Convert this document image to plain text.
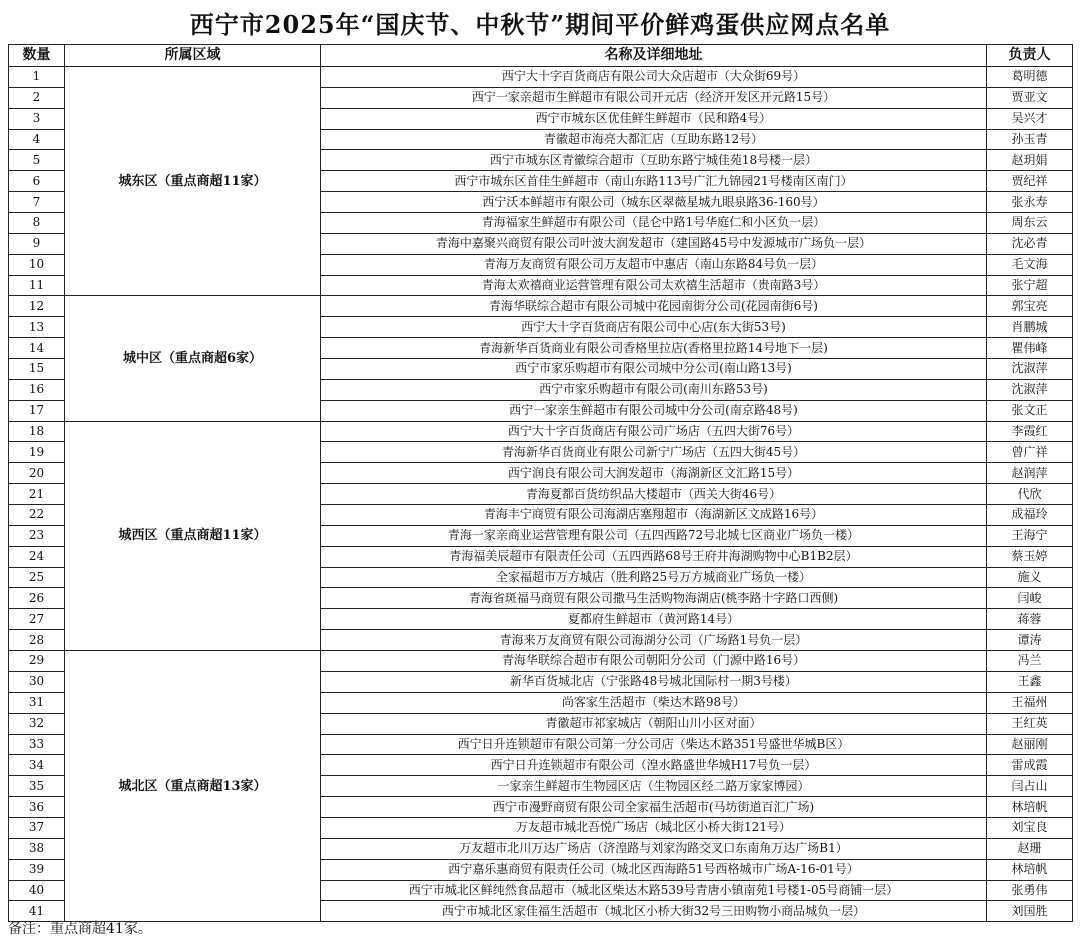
西宁市2025年“国庆节、中秋节”期间平价鲜鸡蛋供应网点名单
数量	所属区域	名称及详细地址	负责人
1	城东区（重点商超11家）	西宁大十字百货商店有限公司大众店超市（大众街69号）	葛明德
2		西宁一家亲超市生鲜超市有限公司开元店（经济开发区开元路15号）	贾亚文
3		西宁市城东区优佳鲜生鲜超市（民和路4号）	吴兴才
4		青徽超市海亮大都汇店（互助东路12号）	孙玉青
5		西宁市城东区青徽综合超市（互助东路宁城佳苑18号楼一层）	赵玥娟
6		西宁市城东区首佳生鲜超市（南山东路113号广汇九锦园21号楼南区南门）	贾纪祥
7		西宁沃本鲜超市有限公司（城东区翠薇星城九眼泉路36-160号）	张永寿
8		青海福家生鲜超市有限公司（昆仑中路1号华庭仁和小区负一层）	周东云
9		青海中嘉聚兴商贸有限公司叶波大润发超市（建国路45号中发源城市广场负一层）	沈必青
10		青海万友商贸有限公司万友超市中惠店（南山东路84号负一层）	毛文海
11		青海太欢禧商业运营管理有限公司太欢禧生活超市（贵南路3号）	张宁超
12	城中区（重点商超6家）	青海华联综合超市有限公司城中花园南街分公司(花园南街6号)	郭宝亮
13		西宁大十字百货商店有限公司中心店(东大街53号)	肖鹏城
14		青海新华百货商业有限公司香格里拉店(香格里拉路14号地下一层)	瞿伟峰
15		西宁市家乐购超市有限公司城中分公司(南山路13号)	沈淑萍
16		西宁市家乐购超市有限公司(南川东路53号)	沈淑萍
17		西宁一家亲生鲜超市有限公司城中分公司(南京路48号)	张文正
18	城西区（重点商超11家）	西宁大十字百货商店有限公司广场店（五四大街76号）	李霞红
19		青海新华百货商业有限公司新宁广场店（五四大街45号）	曾广祥
20		西宁润良有限公司大润发超市（海湖新区文汇路15号）	赵润萍
21		青海夏都百货纺织品大楼超市（西关大街46号）	代欣
22		青海丰宁商贸有限公司海湖店塞翔超市（海湖新区文成路16号）	成福玲
23		青海一家亲商业运营管理有限公司（五四西路72号北城七区商业广场负一楼）	王海宁
24		青海福美辰超市有限责任公司（五四西路68号王府井海湖购物中心B1B2层）	蔡玉婷
25		全家福超市万方城店（胜利路25号万方城商业广场负一楼）	施义
26		青海省斑福马商贸有限公司撒马生活购物海湖店(桃李路十字路口西侧)	闫峻
27		夏都府生鲜超市（黄河路14号）	蒋蓉
28		青海来万友商贸有限公司海湖分公司（广场路1号负一层）	谭涛
29	城北区（重点商超13家）	青海华联综合超市有限公司朝阳分公司（门源中路16号）	冯兰
30		新华百货城北店（宁张路48号城北国际村一期3号楼）	王鑫
31		尚客家生活超市（柴达木路98号）	王福州
32		青徽超市祁家城店（朝阳山川小区对面）	王红英
33		西宁日升连锁超市有限公司第一分公司店（柴达木路351号盛世华城B区）	赵丽刚
34		西宁日升连锁超市有限公司（湟水路盛世华城H17号负一层）	雷成霞
35		一家亲生鲜超市生物园区店（生物园区经二路万家家博园）	闫占山
36		西宁市漫野商贸有限公司全家福生活超市(马坊街道百汇广场)	林培帆
37		万友超市城北吾悦广场店（城北区小桥大街121号）	刘宝良
38		万友超市北川万达广场店（济湟路与刘家沟路交叉口东南角万达广场B1）	赵珊
39		西宁嘉乐惠商贸有限责任公司（城北区西海路51号西格城市广场A-16-01号）	林培帆
40		西宁市城北区鲜纯然食品超市（城北区柴达木路539号青唐小镇南苑1号楼1-05号商铺一层）	张勇伟
41		西宁市城北区家佳福生活超市（城北区小桥大街32号三田购物小商品城负一层）	刘国胜
备注：重点商超41家。
